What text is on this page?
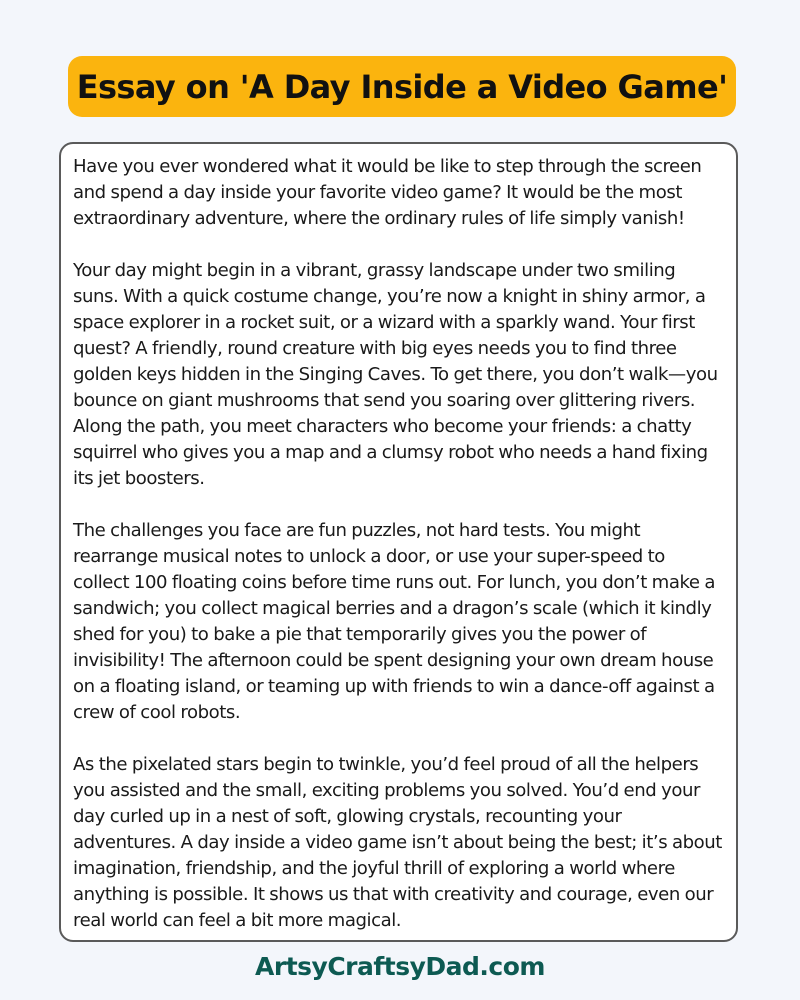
Essay on 'A Day Inside a Video Game'

Have you ever wondered what it would be like to step through the screen and spend a day inside your favorite video game? It would be the most extraordinary adventure, where the ordinary rules of life simply vanish!

Your day might begin in a vibrant, grassy landscape under two smiling suns. With a quick costume change, you’re now a knight in shiny armor, a space explorer in a rocket suit, or a wizard with a sparkly wand. Your first quest? A friendly, round creature with big eyes needs you to find three golden keys hidden in the Singing Caves. To get there, you don’t walk—you bounce on giant mushrooms that send you soaring over glittering rivers. Along the path, you meet characters who become your friends: a chatty squirrel who gives you a map and a clumsy robot who needs a hand fixing its jet boosters.

The challenges you face are fun puzzles, not hard tests. You might rearrange musical notes to unlock a door, or use your super-speed to collect 100 floating coins before time runs out. For lunch, you don’t make a sandwich; you collect magical berries and a dragon’s scale (which it kindly shed for you) to bake a pie that temporarily gives you the power of invisibility! The afternoon could be spent designing your own dream house on a floating island, or teaming up with friends to win a dance-off against a crew of cool robots.

As the pixelated stars begin to twinkle, you’d feel proud of all the helpers you assisted and the small, exciting problems you solved. You’d end your day curled up in a nest of soft, glowing crystals, recounting your adventures. A day inside a video game isn’t about being the best; it’s about imagination, friendship, and the joyful thrill of exploring a world where anything is possible. It shows us that with creativity and courage, even our real world can feel a bit more magical.

ArtsyCraftsyDad.com
